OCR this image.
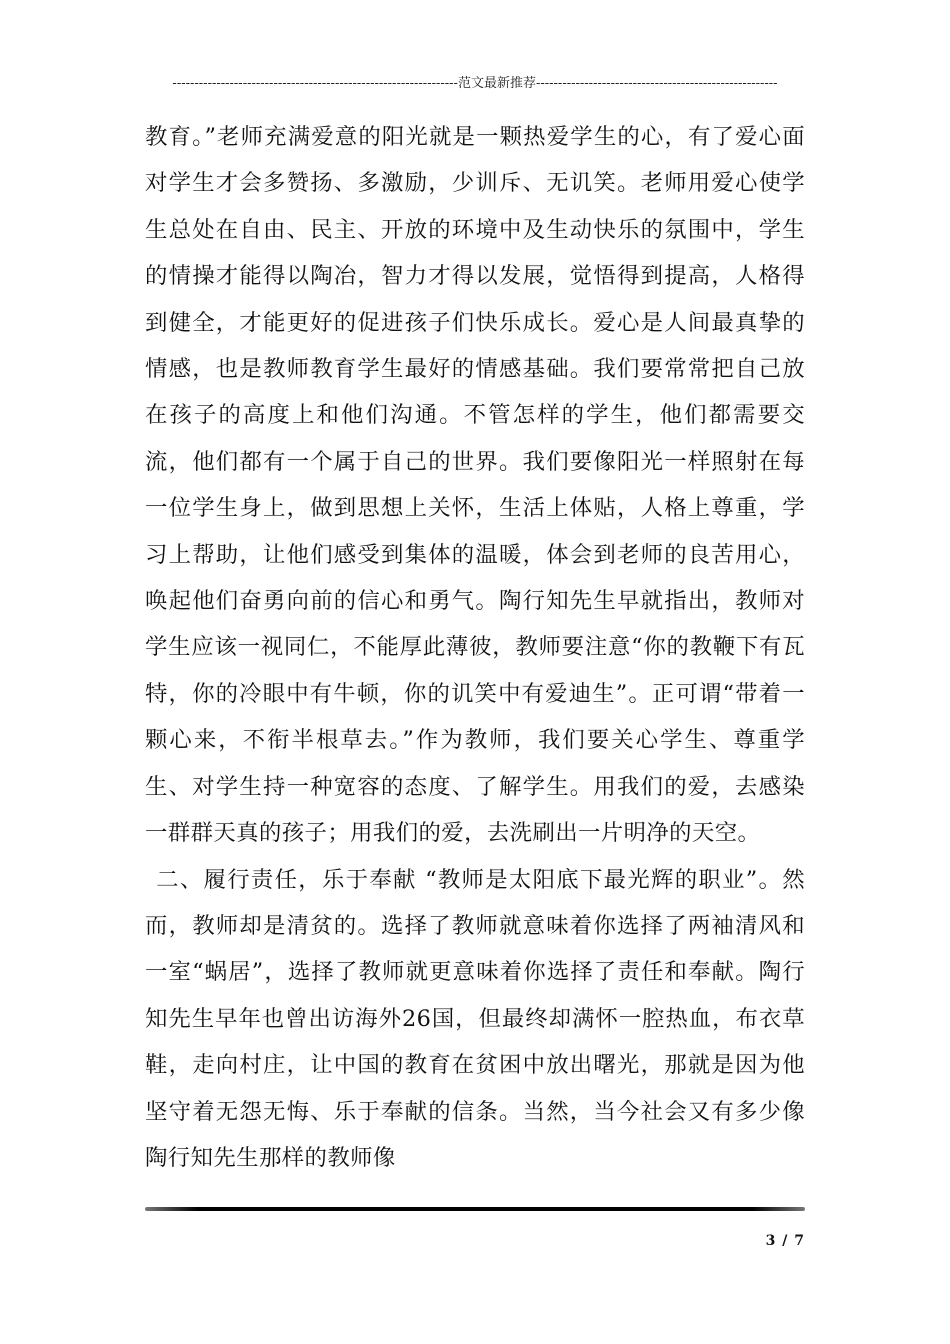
-----------------------------------------------------------------范文最新推荐-------------------------------------------------------

教育。”老师充满爱意的阳光就是一颗热爱学生的心，有了爱心面对学生才会多赞扬、多激励，少训斥、无讥笑。老师用爱心使学生总处在自由、民主、开放的环境中及生动快乐的氛围中，学生的情操才能得以陶冶，智力才得以发展，觉悟得到提高，人格得到健全，才能更好的促进孩子们快乐成长。爱心是人间最真挚的情感，也是教师教育学生最好的情感基础。我们要常常把自己放在孩子的高度上和他们沟通。不管怎样的学生，他们都需要交流，他们都有一个属于自己的世界。我们要像阳光一样照射在每一位学生身上，做到思想上关怀，生活上体贴，人格上尊重，学习上帮助，让他们感受到集体的温暖，体会到老师的良苦用心，唤起他们奋勇向前的信心和勇气。陶行知先生早就指出，教师对学生应该一视同仁，不能厚此薄彼，教师要注意“你的教鞭下有瓦特，你的冷眼中有牛顿，你的讥笑中有爱迪生”。正可谓“带着一颗心来，不衔半根草去。”作为教师，我们要关心学生、尊重学生、对学生持一种宽容的态度、了解学生。用我们的爱，去感染一群群天真的孩子；用我们的爱，去洗刷出一片明净的天空。

二、履行责任，乐于奉献 “教师是太阳底下最光辉的职业”。然而，教师却是清贫的。选择了教师就意味着你选择了两袖清风和一室“蜗居”，选择了教师就更意味着你选择了责任和奉献。陶行知先生早年也曾出访海外26国，但最终却满怀一腔热血，布衣草鞋，走向村庄，让中国的教育在贫困中放出曙光，那就是因为他坚守着无怨无悔、乐于奉献的信条。当然，当今社会又有多少像陶行知先生那样的教师像

3 / 7
